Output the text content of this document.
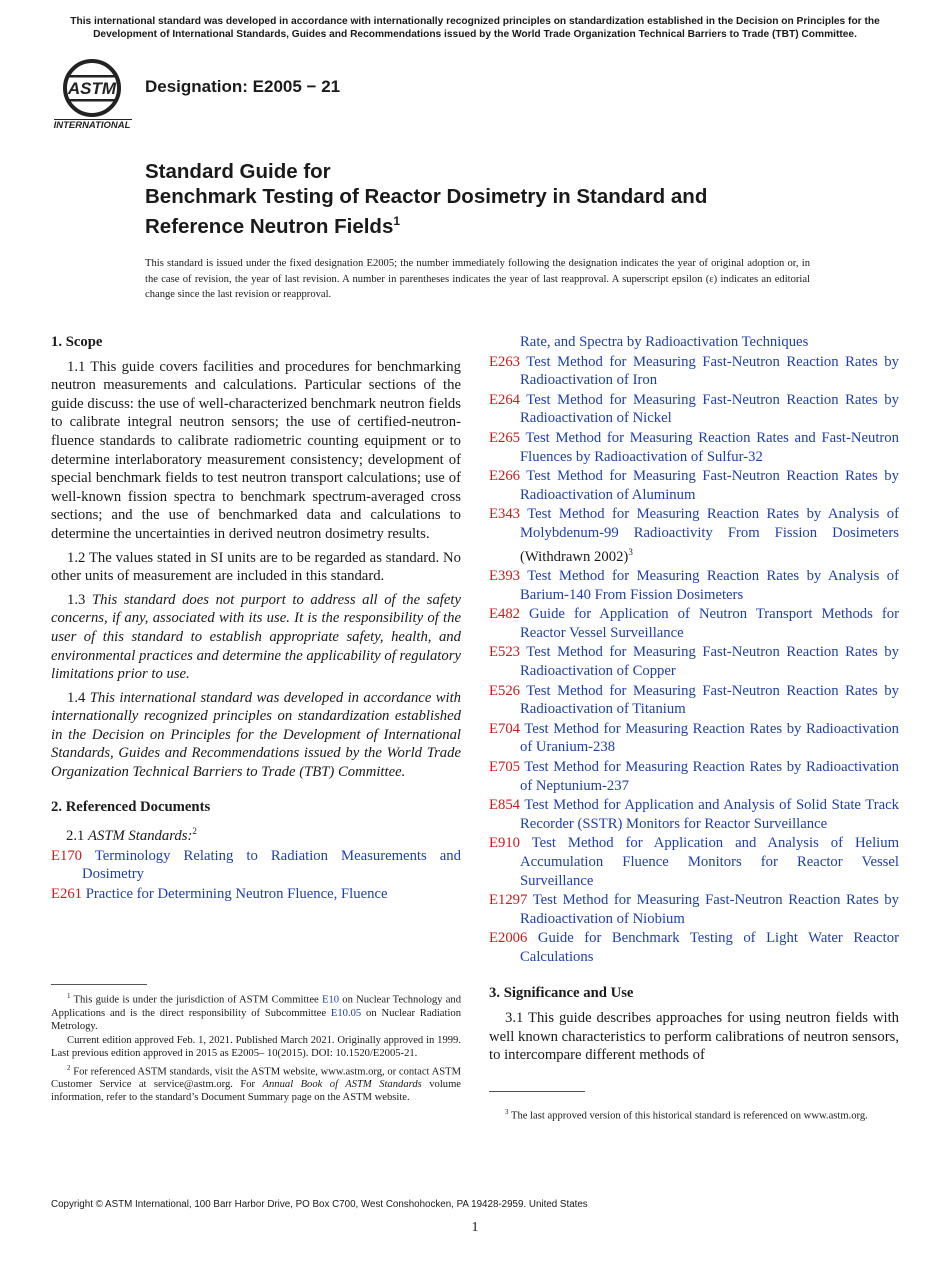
This international standard was developed in accordance with internationally recognized principles on standardization established in the Decision on Principles for the Development of International Standards, Guides and Recommendations issued by the World Trade Organization Technical Barriers to Trade (TBT) Committee.
ASTM
INTERNATIONAL
Designation: E2005 − 21
Standard Guide for
Benchmark Testing of Reactor Dosimetry in Standard and
Reference Neutron Fields$^1$
This standard is issued under the fixed designation E2005; the number immediately following the designation indicates the year of original adoption or, in the case of revision, the year of last revision. A number in parentheses indicates the year of last reapproval. A superscript epsilon (ε) indicates an editorial change since the last revision or reapproval.
1. Scope

1.1 This guide covers facilities and procedures for benchmarking neutron measurements and calculations. Particular sections of the guide discuss: the use of well-characterized benchmark neutron fields to calibrate integral neutron sensors; the use of certified-neutron-fluence standards to calibrate radiometric counting equipment or to determine interlaboratory measurement consistency; development of special benchmark fields to test neutron transport calculations; use of well-known fission spectra to benchmark spectrum-averaged cross sections; and the use of benchmarked data and calculations to determine the uncertainties in derived neutron dosimetry results.

1.2 The values stated in SI units are to be regarded as standard. No other units of measurement are included in this standard.

1.3 This standard does not purport to address all of the safety concerns, if any, associated with its use. It is the responsibility of the user of this standard to establish appropriate safety, health, and environmental practices and determine the applicability of regulatory limitations prior to use.

1.4 This international standard was developed in accordance with internationally recognized principles on standardization established in the Decision on Principles for the Development of International Standards, Guides and Recommendations issued by the World Trade Organization Technical Barriers to Trade (TBT) Committee.

2. Referenced Documents
2.1 ASTM Standards:$^2$
E170 Terminology Relating to Radiation Measurements and Dosimetry
E261 Practice for Determining Neutron Fluence, Fluence
Rate, and Spectra by Radioactivation Techniques
E263 Test Method for Measuring Fast-Neutron Reaction Rates by Radioactivation of Iron
E264 Test Method for Measuring Fast-Neutron Reaction Rates by Radioactivation of Nickel
E265 Test Method for Measuring Reaction Rates and Fast-Neutron Fluences by Radioactivation of Sulfur-32
E266 Test Method for Measuring Fast-Neutron Reaction Rates by Radioactivation of Aluminum
E343 Test Method for Measuring Reaction Rates by Analysis of Molybdenum-99 Radioactivity From Fission Dosimeters (Withdrawn 2002)$^3$
E393 Test Method for Measuring Reaction Rates by Analysis of Barium-140 From Fission Dosimeters
E482 Guide for Application of Neutron Transport Methods for Reactor Vessel Surveillance
E523 Test Method for Measuring Fast-Neutron Reaction Rates by Radioactivation of Copper
E526 Test Method for Measuring Fast-Neutron Reaction Rates by Radioactivation of Titanium
E704 Test Method for Measuring Reaction Rates by Radioactivation of Uranium-238
E705 Test Method for Measuring Reaction Rates by Radioactivation of Neptunium-237
E854 Test Method for Application and Analysis of Solid State Track Recorder (SSTR) Monitors for Reactor Surveillance
E910 Test Method for Application and Analysis of Helium Accumulation Fluence Monitors for Reactor Vessel Surveillance
E1297 Test Method for Measuring Fast-Neutron Reaction Rates by Radioactivation of Niobium
E2006 Guide for Benchmark Testing of Light Water Reactor Calculations
3. Significance and Use

3.1 This guide describes approaches for using neutron fields with well known characteristics to perform calibrations of neutron sensors, to intercompare different methods of

$^1$ This guide is under the jurisdiction of ASTM Committee E10 on Nuclear Technology and Applications and is the direct responsibility of Subcommittee E10.05 on Nuclear Radiation Metrology.

Current edition approved Feb. 1, 2021. Published March 2021. Originally approved in 1999. Last previous edition approved in 2015 as E2005– 10(2015). DOI: 10.1520/E2005-21.

$^2$ For referenced ASTM standards, visit the ASTM website, www.astm.org, or contact ASTM Customer Service at service@astm.org. For Annual Book of ASTM Standards volume information, refer to the standard’s Document Summary page on the ASTM website.

$^3$ The last approved version of this historical standard is referenced on www.astm.org.

Copyright © ASTM International, 100 Barr Harbor Drive, PO Box C700, West Conshohocken, PA 19428-2959. United States
1
